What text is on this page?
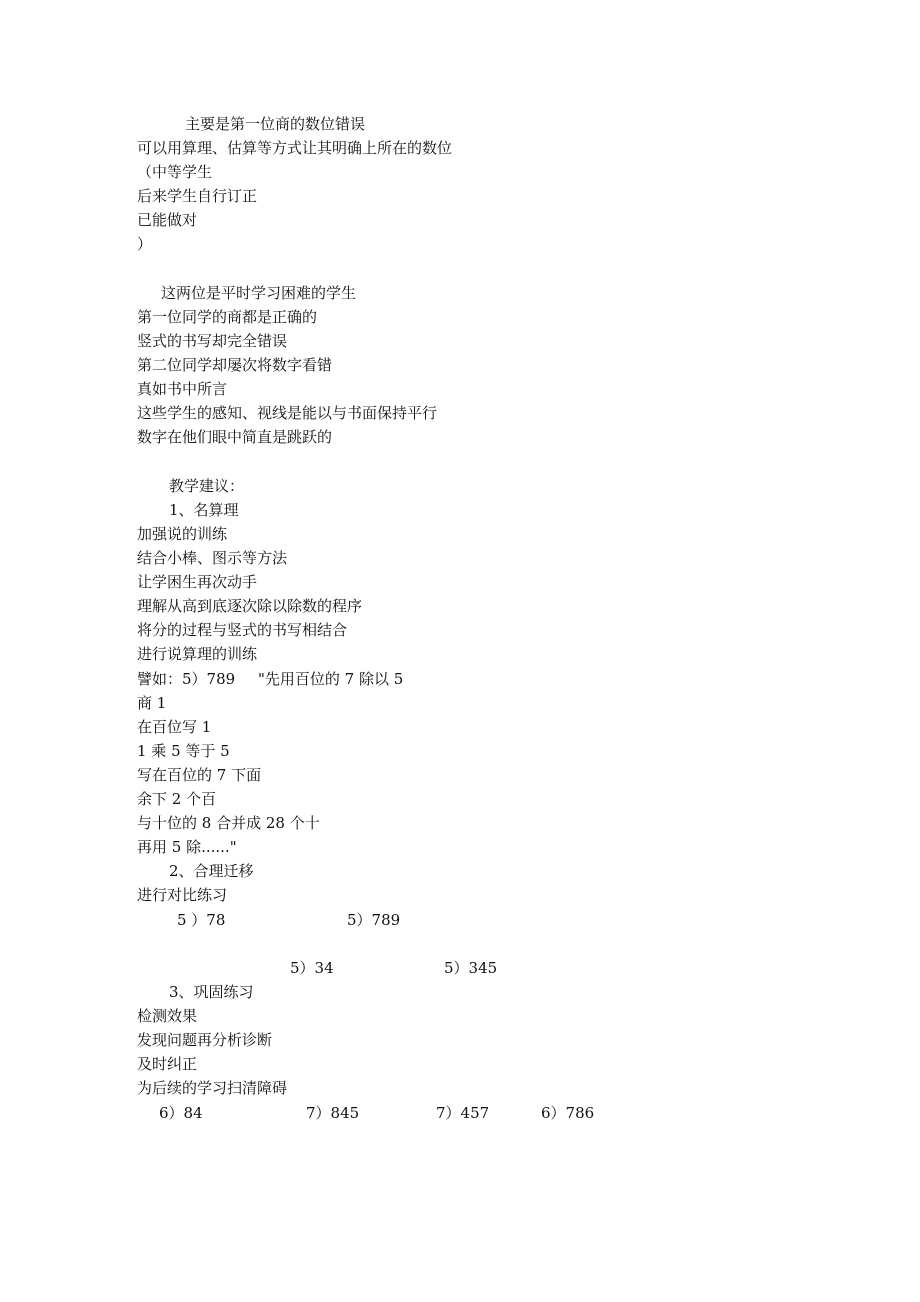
主要是第一位商的数位错误
可以用算理、估算等方式让其明确上所在的数位
（中等学生
后来学生自行订正
已能做对
）
这两位是平时学习困难的学生
第一位同学的商都是正确的
竖式的书写却完全错误
第二位同学却屡次将数字看错
真如书中所言
这些学生的感知、视线是能以与书面保持平行
数字在他们眼中简直是跳跃的
教学建议：
1、名算理
加强说的训练
结合小棒、图示等方法
让学困生再次动手
理解从高到底逐次除以除数的程序
将分的过程与竖式的书写相结合
进行说算理的训练
譬如：5）789 "先用百位的 7 除以 5
商 1
在百位写 1
1 乘 5 等于 5
写在百位的 7 下面
余下 2 个百
与十位的 8 合并成 28 个十
再用 5 除......"
2、合理迁移
进行对比练习
5 ）78	5）789
5）34	5）345
3、巩固练习
检测效果
发现问题再分析诊断
及时纠正
为后续的学习扫清障碍
6）84	7）845	7）457	6）786
